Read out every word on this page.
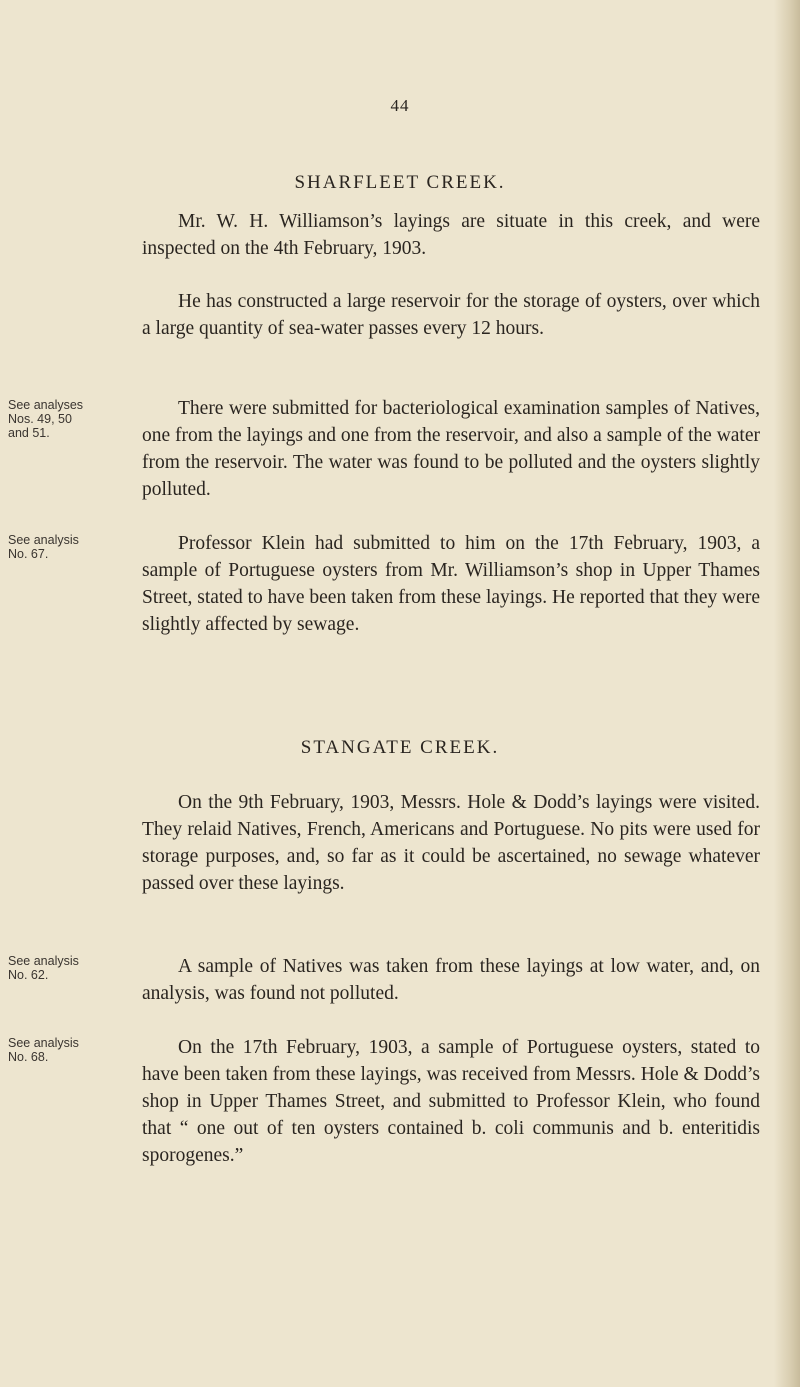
44
SHARFLEET CREEK.

Mr. W. H. Williamson’s layings are situate in this creek, and were inspected on the 4th February, 1903.

He has constructed a large reservoir for the storage of oysters, over which a large quantity of sea-water passes every 12 hours.

There were submitted for bacteriological examination samples of Natives, one from the layings and one from the reservoir, and also a sample of the water from the reservoir. The water was found to be polluted and the oysters slightly polluted.

Professor Klein had submitted to him on the 17th February, 1903, a sample of Portuguese oysters from Mr. Williamson’s shop in Upper Thames Street, stated to have been taken from these layings. He reported that they were slightly affected by sewage.

See analyses
Nos. 49, 50
and 51.
See analysis
No. 67.
STANGATE CREEK.

On the 9th February, 1903, Messrs. Hole & Dodd’s layings were visited. They relaid Natives, French, Americans and Portuguese. No pits were used for storage purposes, and, so far as it could be ascertained, no sewage whatever passed over these layings.

A sample of Natives was taken from these layings at low water, and, on analysis, was found not polluted.

On the 17th February, 1903, a sample of Portuguese oysters, stated to have been taken from these layings, was received from Messrs. Hole & Dodd’s shop in Upper Thames Street, and submitted to Professor Klein, who found that “ one out of ten oysters contained b. coli communis and b. enteritidis sporogenes.”

See analysis
No. 62.
See analysis
No. 68.
